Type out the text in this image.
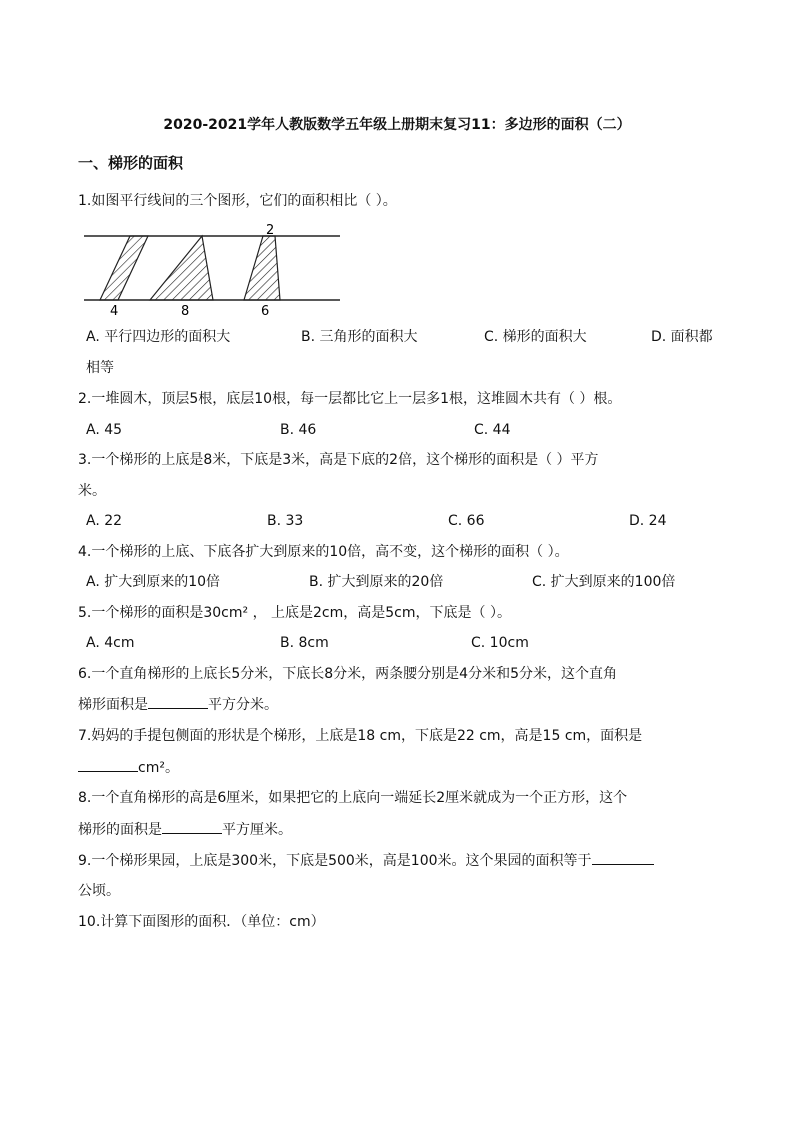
2020-2021学年人教版数学五年级上册期末复习11：多边形的面积（二）
一、梯形的面积
1.如图平行线间的三个图形，它们的面积相比（ ）。
2
4	8	6
A. 平行四边形的面积大	B. 三角形的面积大	C. 梯形的面积大	D. 面积都
相等
2.一堆圆木，顶层5根，底层10根，每一层都比它上一层多1根，这堆圆木共有（ ）根。
A. 45	B. 46	C. 44
3.一个梯形的上底是8米，下底是3米，高是下底的2倍，这个梯形的面积是（ ）平方
米。
A. 22	B. 33	C. 66	D. 24
4.一个梯形的上底、下底各扩大到原来的10倍，高不变，这个梯形的面积（ ）。
A. 扩大到原来的10倍	B. 扩大到原来的20倍	C. 扩大到原来的100倍
5.一个梯形的面积是30cm² ， 上底是2cm，高是5cm，下底是（ ）。
A. 4cm	B. 8cm	C. 10cm
6.一个直角梯形的上底长5分米，下底长8分米，两条腰分别是4分米和5分米，这个直角
梯形面积是	平方分米。
7.妈妈的手提包侧面的形状是个梯形，上底是18 cm，下底是22 cm，高是15 cm，面积是
cm²。
8.一个直角梯形的高是6厘米，如果把它的上底向一端延长2厘米就成为一个正方形，这个
梯形的面积是	平方厘米。
9.一个梯形果园，上底是300米，下底是500米，高是100米。这个果园的面积等于
公顷。
10.计算下面图形的面积．（单位：cm）
